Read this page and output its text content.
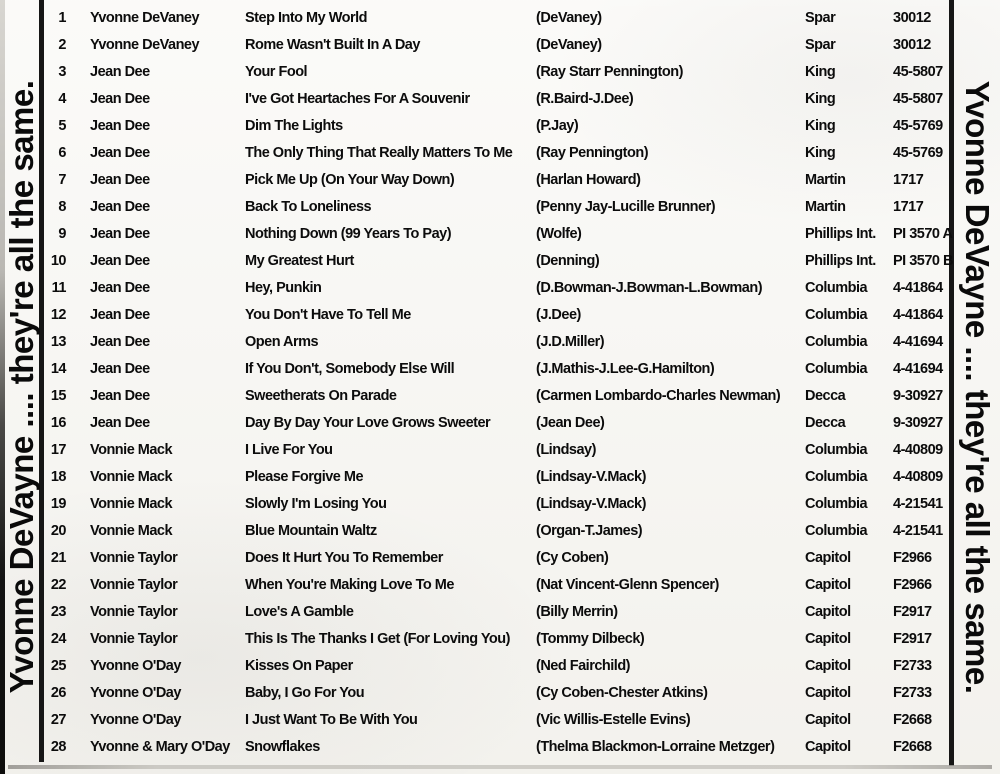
Yvonne DeVayne .... they're all the same.	Yvonne DeVayne .... they're all the same.
1 Yvonne DeVaney	Step Into My World	(DeVaney)	Spar	30012
2 Yvonne DeVaney	Rome Wasn't Built In A Day	(DeVaney)	Spar	30012
3 Jean Dee	Your Fool	(Ray Starr Pennington)	King	45-5807
4 Jean Dee	I've Got Heartaches For A Souvenir	(R.Baird-J.Dee)	King	45-5807
5 Jean Dee	Dim The Lights	(P.Jay)	King	45-5769
6 Jean Dee	The Only Thing That Really Matters To Me	(Ray Pennington)	King	45-5769
7 Jean Dee	Pick Me Up (On Your Way Down)	(Harlan Howard)	Martin	1717
8 Jean Dee	Back To Loneliness	(Penny Jay-Lucille Brunner)	Martin	1717
9 Jean Dee	Nothing Down (99 Years To Pay)	(Wolfe)	Phillips Int.	PI 3570 A
10 Jean Dee	My Greatest Hurt	(Denning)	Phillips Int.	PI 3570 B
11 Jean Dee	Hey, Punkin	(D.Bowman-J.Bowman-L.Bowman)	Columbia	4-41864
12 Jean Dee	You Don't Have To Tell Me	(J.Dee)	Columbia	4-41864
13 Jean Dee	Open Arms	(J.D.Miller)	Columbia	4-41694
14 Jean Dee	If You Don't, Somebody Else Will	(J.Mathis-J.Lee-G.Hamilton)	Columbia	4-41694
15 Jean Dee	Sweetherats On Parade	(Carmen Lombardo-Charles Newman)	Decca	9-30927
16 Jean Dee	Day By Day Your Love Grows Sweeter	(Jean Dee)	Decca	9-30927
17 Vonnie Mack	I Live For You	(Lindsay)	Columbia	4-40809
18 Vonnie Mack	Please Forgive Me	(Lindsay-V.Mack)	Columbia	4-40809
19 Vonnie Mack	Slowly I'm Losing You	(Lindsay-V.Mack)	Columbia	4-21541
20 Vonnie Mack	Blue Mountain Waltz	(Organ-T.James)	Columbia	4-21541
21 Vonnie Taylor	Does It Hurt You To Remember	(Cy Coben)	Capitol	F2966
22 Vonnie Taylor	When You're Making Love To Me	(Nat Vincent-Glenn Spencer)	Capitol	F2966
23 Vonnie Taylor	Love's A Gamble	(Billy Merrin)	Capitol	F2917
24 Vonnie Taylor	This Is The Thanks I Get (For Loving You)	(Tommy Dilbeck)	Capitol	F2917
25 Yvonne O'Day	Kisses On Paper	(Ned Fairchild)	Capitol	F2733
26 Yvonne O'Day	Baby, I Go For You	(Cy Coben-Chester Atkins)	Capitol	F2733
27 Yvonne O'Day	I Just Want To Be With You	(Vic Willis-Estelle Evins)	Capitol	F2668
28 Yvonne & Mary O'Day	Snowflakes	(Thelma Blackmon-Lorraine Metzger)	Capitol	F2668
